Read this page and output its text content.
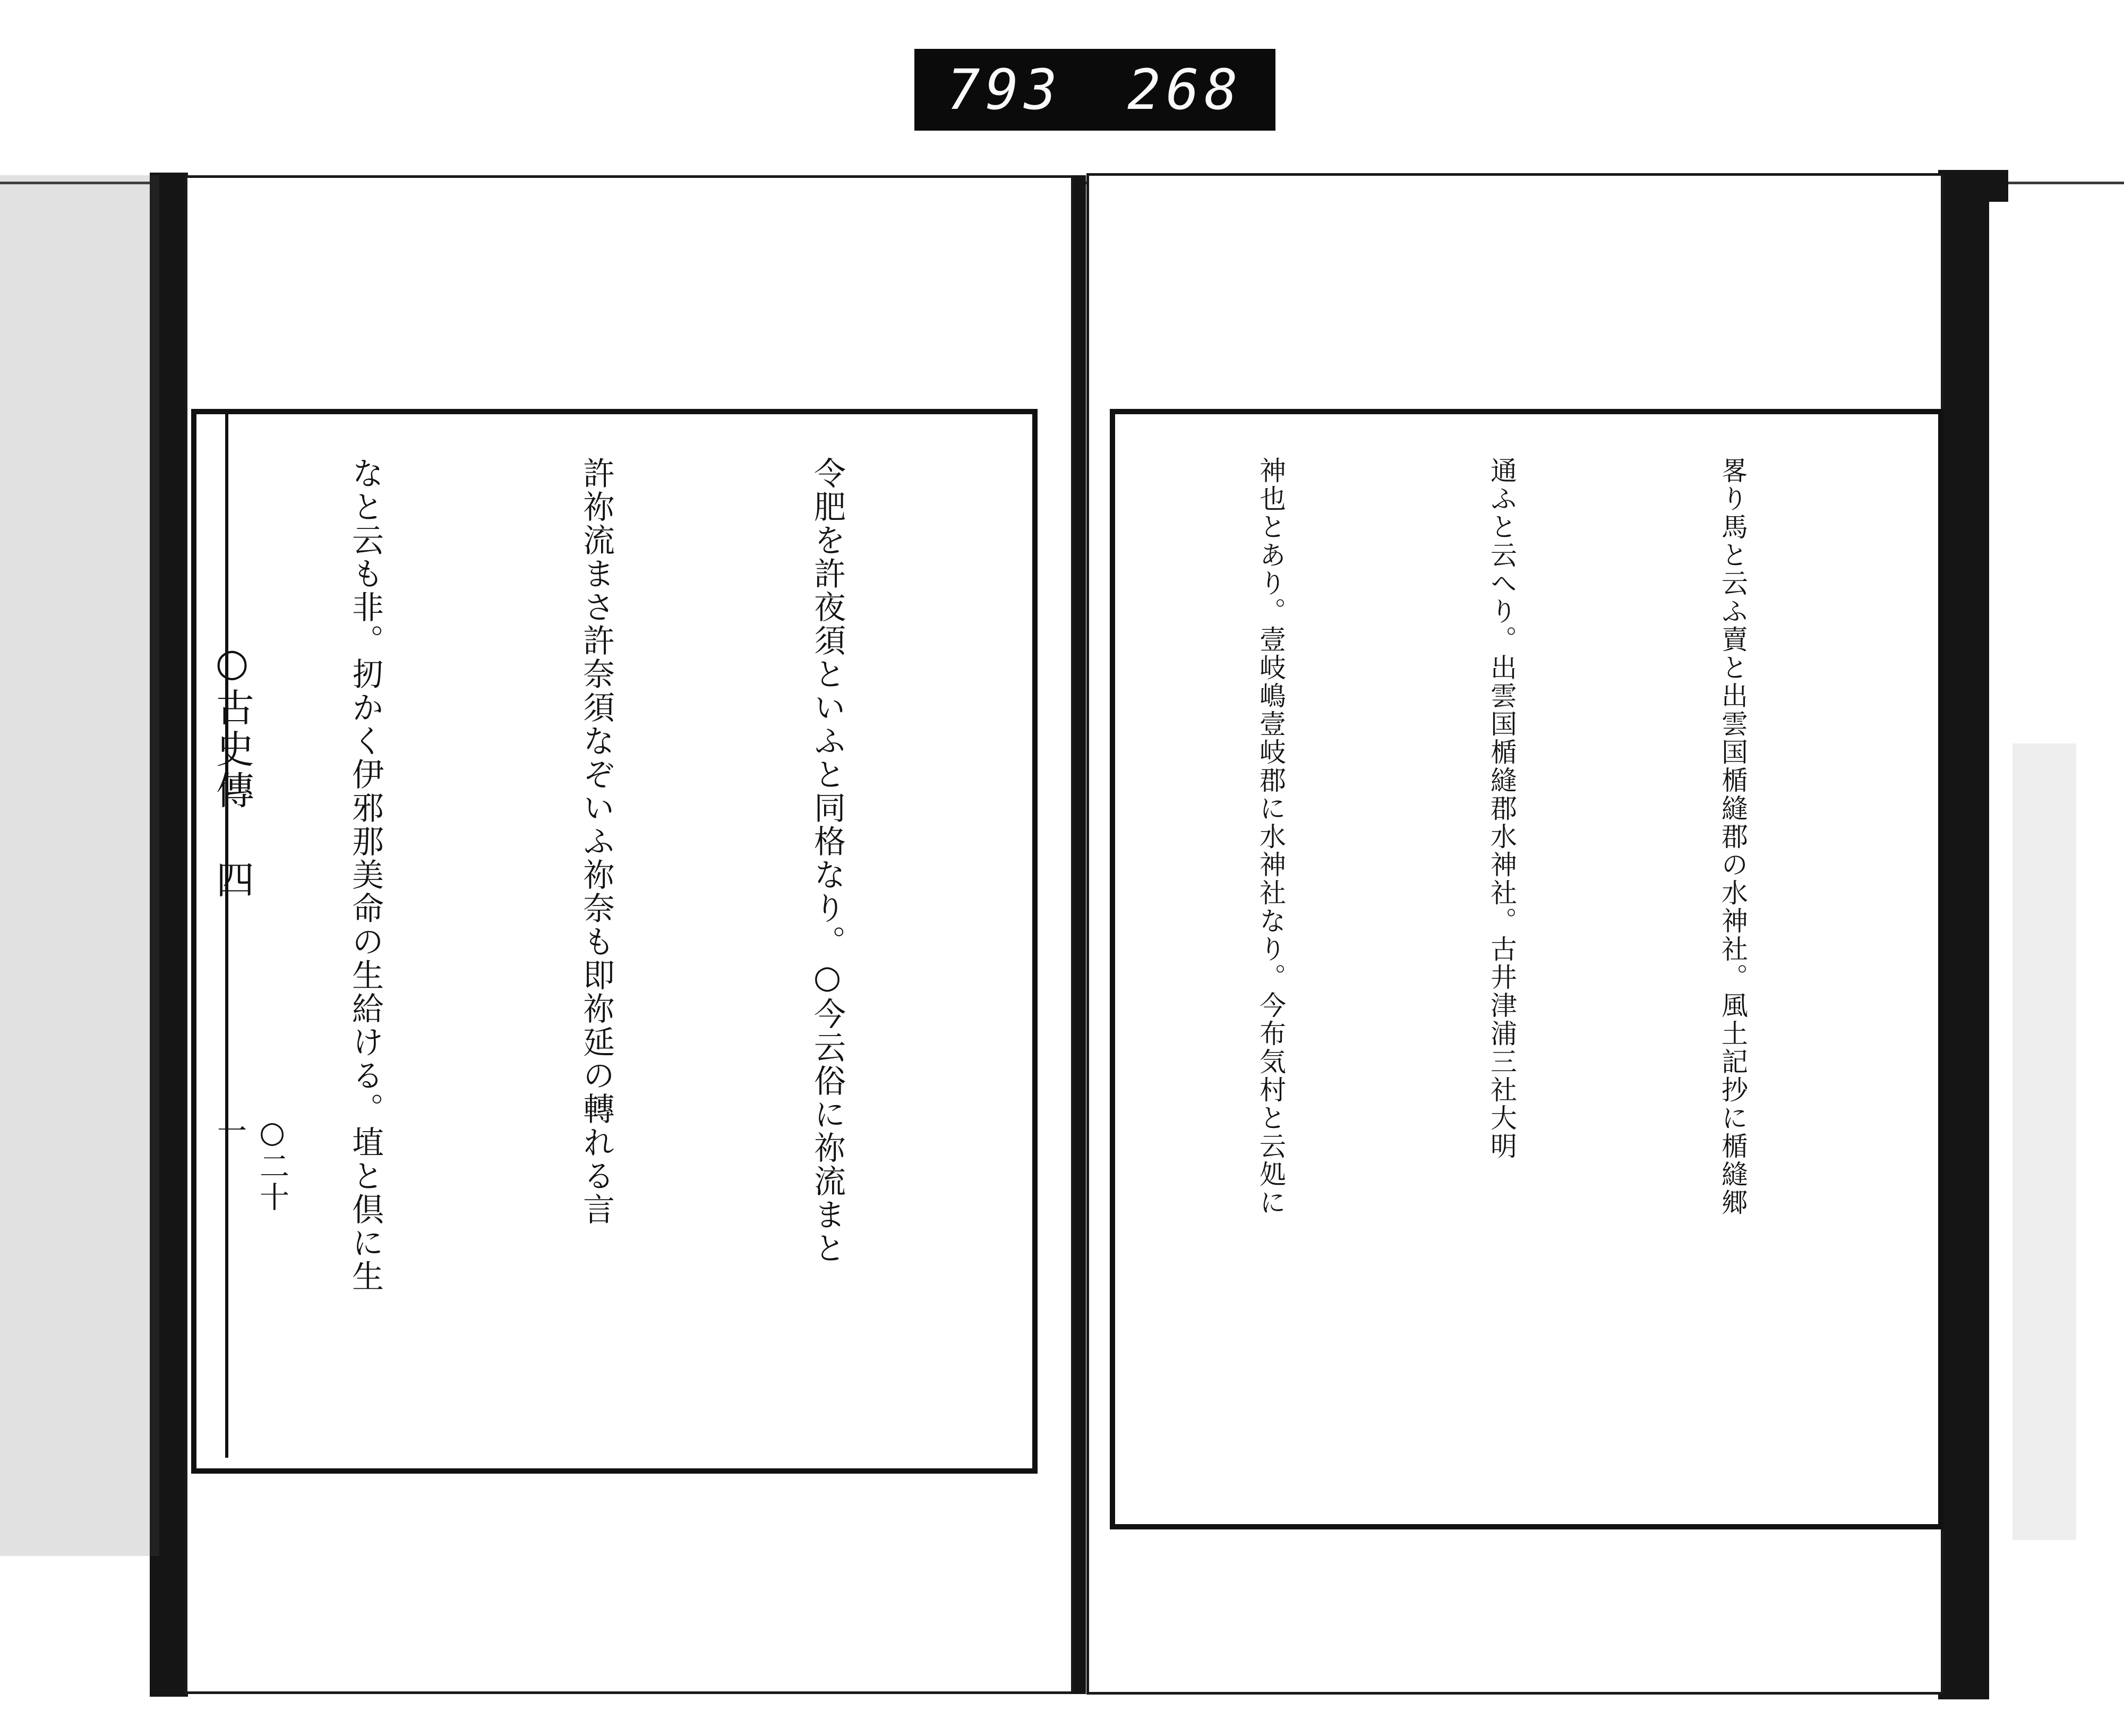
793 268
○古史傳 四
○二十一

	令肥を許夜須といふと同格なり。○今云俗に祢流まと

許祢流まさ許奈須なぞいふ祢奈も即祢延の轉れる言

なと云も非。扨かく伊邪那美命の生給ける。埴と倶に生

	畧り馬と云ふ賣と出雲国楯縫郡の水神社。風土記抄に楯縫郷

通ふと云へり。出雲国楯縫郡水神社。古井津浦三社大明

神也とあり。壹岐嶋壹岐郡に水神社なり。今布気村と云処に
